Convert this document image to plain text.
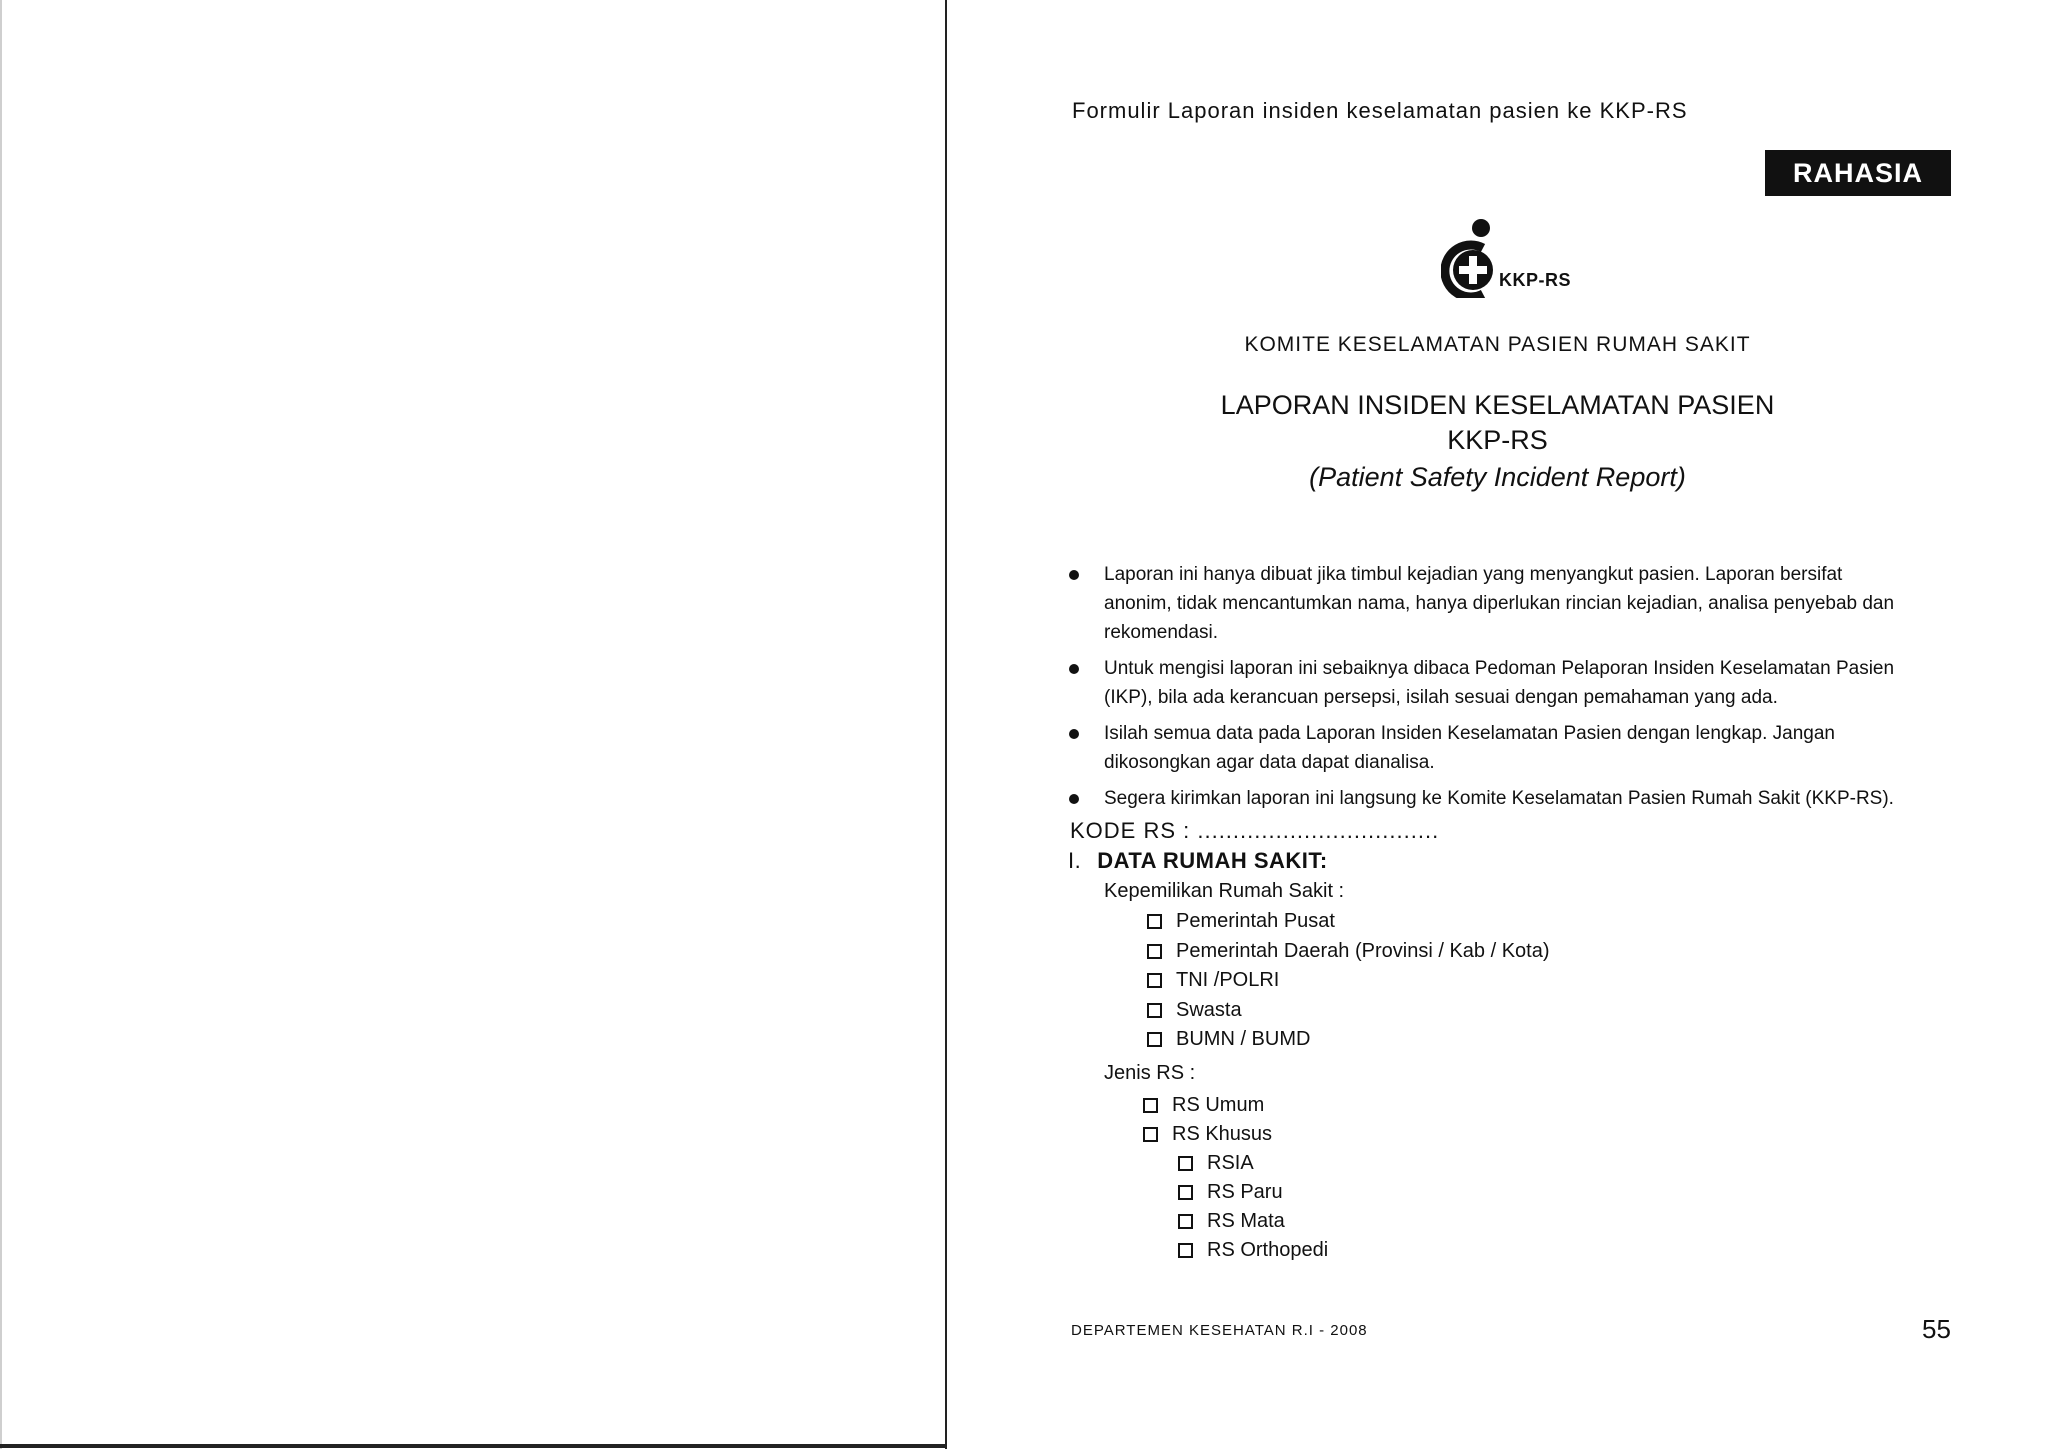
Formulir Laporan insiden keselamatan pasien ke KKP-RS
RAHASIA
KKP-RS
KOMITE KESELAMATAN PASIEN RUMAH SAKIT
LAPORAN INSIDEN KESELAMATAN PASIEN
KKP-RS
(Patient Safety Incident Report)
Laporan ini hanya dibuat jika timbul kejadian yang menyangkut pasien. Laporan bersifat anonim, tidak mencantumkan nama, hanya diperlukan rincian kejadian, analisa penyebab dan rekomendasi.
Untuk mengisi laporan ini sebaiknya dibaca Pedoman Pelaporan Insiden Keselamatan Pasien (IKP), bila ada kerancuan persepsi, isilah sesuai dengan pemahaman yang ada.
Isilah semua data pada Laporan Insiden Keselamatan Pasien dengan lengkap. Jangan dikosongkan agar data dapat dianalisa.
Segera kirimkan laporan ini langsung ke Komite Keselamatan Pasien Rumah Sakit (KKP-RS).
KODE RS : ..................................
I. DATA RUMAH SAKIT:
Kepemilikan Rumah Sakit :
Pemerintah Pusat
Pemerintah Daerah (Provinsi / Kab / Kota)
TNI /POLRI
Swasta
BUMN / BUMD
Jenis RS :
RS Umum
RS Khusus
RSIA
RS Paru
RS Mata
RS Orthopedi
DEPARTEMEN KESEHATAN R.I - 2008	55
